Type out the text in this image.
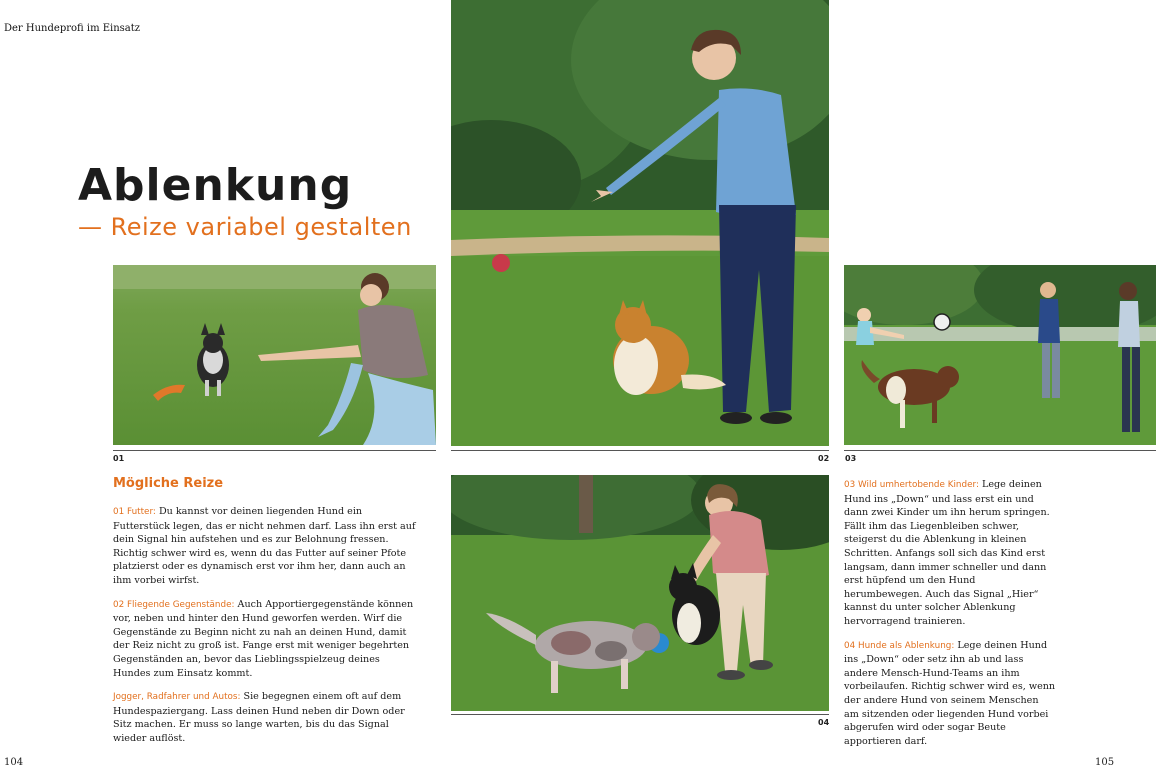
Der Hundeprofi im Einsatz
Ablenkung
— Reize variabel gestalten
01	02 03
04
Mögliche Reize

01 Futter: Du kannst vor deinen liegenden Hund ein Futterstück legen, das er nicht nehmen darf. Lass ihn erst auf dein Signal hin aufstehen und es zur Belohnung fressen. Richtig schwer wird es, wenn du das Futter auf seiner Pfote platzierst oder es dynamisch erst vor ihm her, dann auch an ihm vorbei wirfst.

02 Fliegende Gegenstände: Auch Apportiergegenstände können vor, neben und hinter den Hund geworfen werden. Wirf die Gegenstände zu Beginn nicht zu nah an deinen Hund, damit der Reiz nicht zu groß ist. Fange erst mit weniger begehrten Gegenständen an, bevor das Lieblingsspielzeug deines Hundes zum Einsatz kommt.

Jogger, Radfahrer und Autos: Sie begegnen einem oft auf dem Hundespaziergang. Lass deinen Hund neben dir Down oder Sitz machen. Er muss so lange warten, bis du das Signal wieder auflöst.

03 Wild umhertobende Kinder: Lege deinen Hund ins „Down“ und lass erst ein und dann zwei Kinder um ihn herum springen. Fällt ihm das Liegenbleiben schwer, steigerst du die Ablenkung in kleinen Schritten. Anfangs soll sich das Kind erst langsam, dann immer schneller und dann erst hüpfend um den Hund herumbewegen. Auch das Signal „Hier“ kannst du unter solcher Ablenkung hervorragend trainieren.

04 Hunde als Ablenkung: Lege deinen Hund ins „Down“ oder setz ihn ab und lass andere Mensch-Hund-Teams an ihm vorbeilaufen. Richtig schwer wird es, wenn der andere Hund von seinem Menschen am sitzenden oder liegenden Hund vorbei abgerufen wird oder sogar Beute apportieren darf.

104	105
